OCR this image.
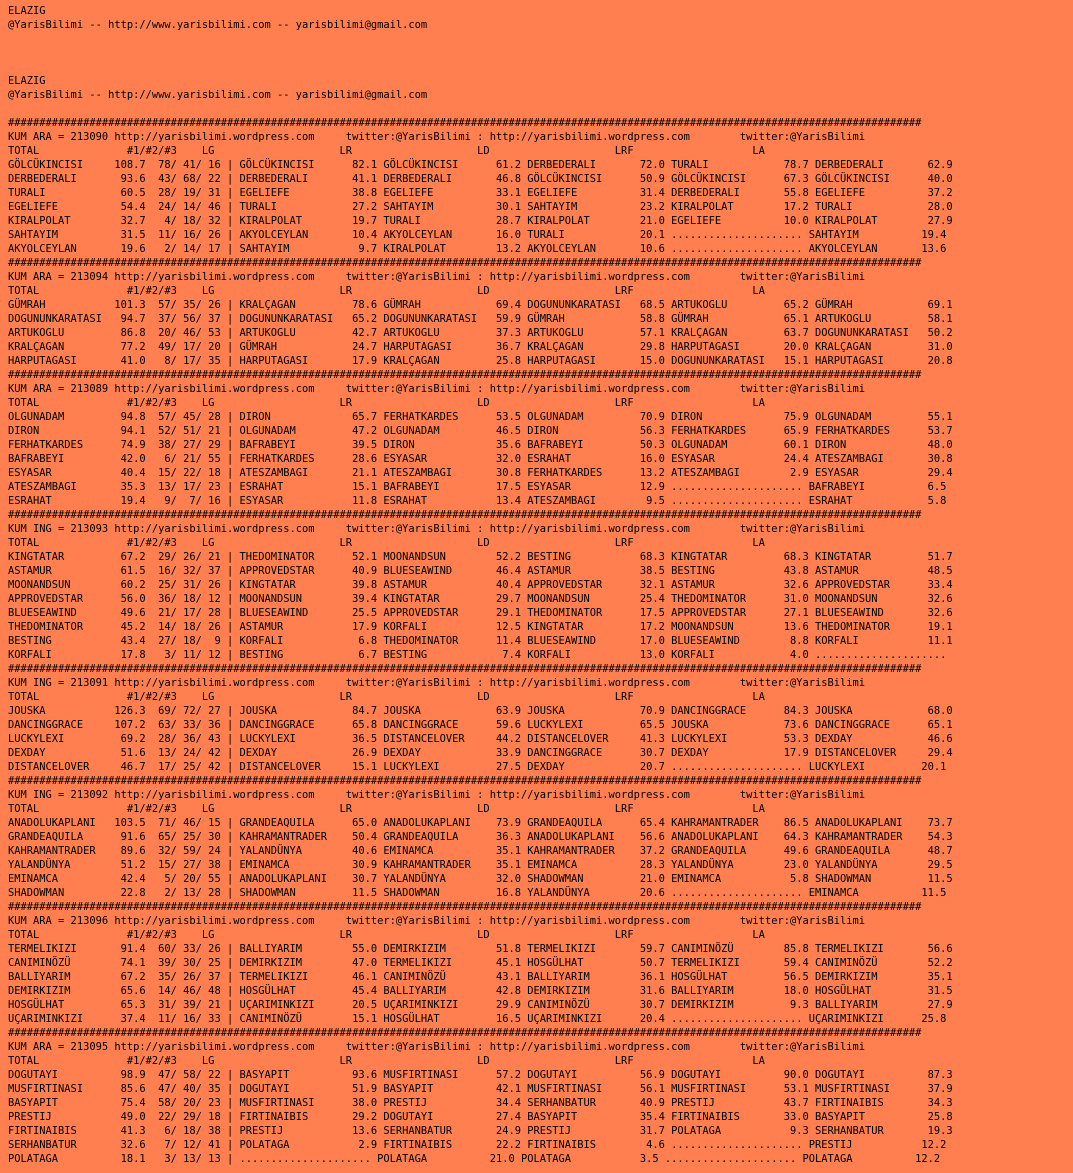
ELAZIG
@YarisBilimi -- http://www.yarisbilimi.com -- yarisbilimi@gmail.com
ELAZIG
@YarisBilimi -- http://www.yarisbilimi.com -- yarisbilimi@gmail.com
##################################################################################################################################################
KUM ARA = 213090 http://yarisbilimi.wordpress.com     twitter:@YarisBilimi : http://yarisbilimi.wordpress.com        twitter:@YarisBilimi
TOTAL              #1/#2/#3    LG                    LR                    LD                    LRF                   LA
GÖLCÜKINCISI     108.7  78/ 41/ 16 | GÖLCÜKINCISI      82.1 GÖLCÜKINCISI      61.2 DERBEDERALI       72.0 TURALI            78.7 DERBEDERALI       62.9
DERBEDERALI       93.6  43/ 68/ 22 | DERBEDERALI       41.1 DERBEDERALI       46.8 GÖLCÜKINCISI      50.9 GÖLCÜKINCISI      67.3 GÖLCÜKINCISI      40.0
TURALI            60.5  28/ 19/ 31 | EGELIEFE          38.8 EGELIEFE          33.1 EGELIEFE          31.4 DERBEDERALI       55.8 EGELIEFE          37.2
EGELIEFE          54.4  24/ 14/ 46 | TURALI            27.2 SAHTAYIM          30.1 SAHTAYIM          23.2 KIRALPOLAT        17.2 TURALI            28.0
KIRALPOLAT        32.7   4/ 18/ 32 | KIRALPOLAT        19.7 TURALI            28.7 KIRALPOLAT        21.0 EGELIEFE          10.0 KIRALPOLAT        27.9
SAHTAYIM          31.5  11/ 16/ 26 | AKYOLCEYLAN       10.4 AKYOLCEYLAN       16.0 TURALI            20.1 ..................... SAHTAYIM          19.4
AKYOLCEYLAN       19.6   2/ 14/ 17 | SAHTAYIM           9.7 KIRALPOLAT        13.2 AKYOLCEYLAN       10.6 ..................... AKYOLCEYLAN       13.6
##################################################################################################################################################
KUM ARA = 213094 http://yarisbilimi.wordpress.com     twitter:@YarisBilimi : http://yarisbilimi.wordpress.com        twitter:@YarisBilimi
TOTAL              #1/#2/#3    LG                    LR                    LD                    LRF                   LA
GÜMRAH           101.3  57/ 35/ 26 | KRALÇAGAN         78.6 GÜMRAH            69.4 DOGUNUNKARATASI   68.5 ARTUKOGLU         65.2 GÜMRAH            69.1
DOGUNUNKARATASI   94.7  37/ 56/ 37 | DOGUNUNKARATASI   65.2 DOGUNUNKARATASI   59.9 GÜMRAH            58.8 GÜMRAH            65.1 ARTUKOGLU         58.1
ARTUKOGLU         86.8  20/ 46/ 53 | ARTUKOGLU         42.7 ARTUKOGLU         37.3 ARTUKOGLU         57.1 KRALÇAGAN         63.7 DOGUNUNKARATASI   50.2
KRALÇAGAN         77.2  49/ 17/ 20 | GÜMRAH            24.7 HARPUTAGASI       36.7 KRALÇAGAN         29.8 HARPUTAGASI       20.0 KRALÇAGAN         31.0
HARPUTAGASI       41.0   8/ 17/ 35 | HARPUTAGASI       17.9 KRALÇAGAN         25.8 HARPUTAGASI       15.0 DOGUNUNKARATASI   15.1 HARPUTAGASI       20.8
##################################################################################################################################################
KUM ARA = 213089 http://yarisbilimi.wordpress.com     twitter:@YarisBilimi : http://yarisbilimi.wordpress.com        twitter:@YarisBilimi
TOTAL              #1/#2/#3    LG                    LR                    LD                    LRF                   LA
OLGUNADAM         94.8  57/ 45/ 28 | DIRON             65.7 FERHATKARDES      53.5 OLGUNADAM         70.9 DIRON             75.9 OLGUNADAM         55.1
DIRON             94.1  52/ 51/ 21 | OLGUNADAM         47.2 OLGUNADAM         46.5 DIRON             56.3 FERHATKARDES      65.9 FERHATKARDES      53.7
FERHATKARDES      74.9  38/ 27/ 29 | BAFRABEYI         39.5 DIRON             35.6 BAFRABEYI         50.3 OLGUNADAM         60.1 DIRON             48.0
BAFRABEYI         42.0   6/ 21/ 55 | FERHATKARDES      28.6 ESYASAR           32.0 ESRAHAT           16.0 ESYASAR           24.4 ATESZAMBAGI       30.8
ESYASAR           40.4  15/ 22/ 18 | ATESZAMBAGI       21.1 ATESZAMBAGI       30.8 FERHATKARDES      13.2 ATESZAMBAGI        2.9 ESYASAR           29.4
ATESZAMBAGI       35.3  13/ 17/ 23 | ESRAHAT           15.1 BAFRABEYI         17.5 ESYASAR           12.9 ..................... BAFRABEYI          6.5
ESRAHAT           19.4   9/  7/ 16 | ESYASAR           11.8 ESRAHAT           13.4 ATESZAMBAGI        9.5 ..................... ESRAHAT            5.8
##################################################################################################################################################
KUM ING = 213093 http://yarisbilimi.wordpress.com     twitter:@YarisBilimi : http://yarisbilimi.wordpress.com        twitter:@YarisBilimi
TOTAL              #1/#2/#3    LG                    LR                    LD                    LRF                   LA
KINGTATAR         67.2  29/ 26/ 21 | THEDOMINATOR      52.1 MOONANDSUN        52.2 BESTING           68.3 KINGTATAR         68.3 KINGTATAR         51.7
ASTAMUR           61.5  16/ 32/ 37 | APPROVEDSTAR      40.9 BLUESEAWIND       46.4 ASTAMUR           38.5 BESTING           43.8 ASTAMUR           48.5
MOONANDSUN        60.2  25/ 31/ 26 | KINGTATAR         39.8 ASTAMUR           40.4 APPROVEDSTAR      32.1 ASTAMUR           32.6 APPROVEDSTAR      33.4
APPROVEDSTAR      56.0  36/ 18/ 12 | MOONANDSUN        39.4 KINGTATAR         29.7 MOONANDSUN        25.4 THEDOMINATOR      31.0 MOONANDSUN        32.6
BLUESEAWIND       49.6  21/ 17/ 28 | BLUESEAWIND       25.5 APPROVEDSTAR      29.1 THEDOMINATOR      17.5 APPROVEDSTAR      27.1 BLUESEAWIND       32.6
THEDOMINATOR      45.2  14/ 18/ 26 | ASTAMUR           17.9 KORFALI           12.5 KINGTATAR         17.2 MOONANDSUN        13.6 THEDOMINATOR      19.1
BESTING           43.4  27/ 18/  9 | KORFALI            6.8 THEDOMINATOR      11.4 BLUESEAWIND       17.0 BLUESEAWIND        8.8 KORFALI           11.1
KORFALI           17.8   3/ 11/ 12 | BESTING            6.7 BESTING            7.4 KORFALI           13.0 KORFALI            4.0 .....................
##################################################################################################################################################
KUM ING = 213091 http://yarisbilimi.wordpress.com     twitter:@YarisBilimi : http://yarisbilimi.wordpress.com        twitter:@YarisBilimi
TOTAL              #1/#2/#3    LG                    LR                    LD                    LRF                   LA
JOUSKA           126.3  69/ 72/ 27 | JOUSKA            84.7 JOUSKA            63.9 JOUSKA            70.9 DANCINGGRACE      84.3 JOUSKA            68.0
DANCINGGRACE     107.2  63/ 33/ 36 | DANCINGGRACE      65.8 DANCINGGRACE      59.6 LUCKYLEXI         65.5 JOUSKA            73.6 DANCINGGRACE      65.1
LUCKYLEXI         69.2  28/ 36/ 43 | LUCKYLEXI         36.5 DISTANCELOVER     44.2 DISTANCELOVER     41.3 LUCKYLEXI         53.3 DEXDAY            46.6
DEXDAY            51.6  13/ 24/ 42 | DEXDAY            26.9 DEXDAY            33.9 DANCINGGRACE      30.7 DEXDAY            17.9 DISTANCELOVER     29.4
DISTANCELOVER     46.7  17/ 25/ 42 | DISTANCELOVER     15.1 LUCKYLEXI         27.5 DEXDAY            20.7 ..................... LUCKYLEXI         20.1
##################################################################################################################################################
KUM ING = 213092 http://yarisbilimi.wordpress.com     twitter:@YarisBilimi : http://yarisbilimi.wordpress.com        twitter:@YarisBilimi
TOTAL              #1/#2/#3    LG                    LR                    LD                    LRF                   LA
ANADOLUKAPLANI   103.5  71/ 46/ 15 | GRANDEAQUILA      65.0 ANADOLUKAPLANI    73.9 GRANDEAQUILA      65.4 KAHRAMANTRADER    86.5 ANADOLUKAPLANI    73.7
GRANDEAQUILA      91.6  65/ 25/ 30 | KAHRAMANTRADER    50.4 GRANDEAQUILA      36.3 ANADOLUKAPLANI    56.6 ANADOLUKAPLANI    64.3 KAHRAMANTRADER    54.3
KAHRAMANTRADER    89.6  32/ 59/ 24 | YALANDÜNYA        40.6 EMINAMCA          35.1 KAHRAMANTRADER    37.2 GRANDEAQUILA      49.6 GRANDEAQUILA      48.7
YALANDÜNYA        51.2  15/ 27/ 38 | EMINAMCA          30.9 KAHRAMANTRADER    35.1 EMINAMCA          28.3 YALANDÜNYA        23.0 YALANDÜNYA        29.5
EMINAMCA          42.4   5/ 20/ 55 | ANADOLUKAPLANI    30.7 YALANDÜNYA        32.0 SHADOWMAN         21.0 EMINAMCA           5.8 SHADOWMAN         11.5
SHADOWMAN         22.8   2/ 13/ 28 | SHADOWMAN         11.5 SHADOWMAN         16.8 YALANDÜNYA        20.6 ..................... EMINAMCA          11.5
##################################################################################################################################################
KUM ARA = 213096 http://yarisbilimi.wordpress.com     twitter:@YarisBilimi : http://yarisbilimi.wordpress.com        twitter:@YarisBilimi
TOTAL              #1/#2/#3    LG                    LR                    LD                    LRF                   LA
TERMELIKIZI       91.4  60/ 33/ 26 | BALLIYARIM        55.0 DEMIRKIZIM        51.8 TERMELIKIZI       59.7 CANIMINÖZÜ        85.8 TERMELIKIZI       56.6
CANIMINÖZÜ        74.1  39/ 30/ 25 | DEMIRKIZIM        47.0 TERMELIKIZI       45.1 HOSGÜLHAT         50.7 TERMELIKIZI       59.4 CANIMINÖZÜ        52.2
BALLIYARIM        67.2  35/ 26/ 37 | TERMELIKIZI       46.1 CANIMINÖZÜ        43.1 BALLIYARIM        36.1 HOSGÜLHAT         56.5 DEMIRKIZIM        35.1
DEMIRKIZIM        65.6  14/ 46/ 48 | HOSGÜLHAT         45.4 BALLIYARIM        42.8 DEMIRKIZIM        31.6 BALLIYARIM        18.0 HOSGÜLHAT         31.5
HOSGÜLHAT         65.3  31/ 39/ 21 | UÇARIMINKIZI      20.5 UÇARIMINKIZI      29.9 CANIMINÖZÜ        30.7 DEMIRKIZIM         9.3 BALLIYARIM        27.9
UÇARIMINKIZI      37.4  11/ 16/ 33 | CANIMINÖZÜ        15.1 HOSGÜLHAT         16.5 UÇARIMINKIZI      20.4 ..................... UÇARIMINKIZI      25.8
##################################################################################################################################################
KUM ARA = 213095 http://yarisbilimi.wordpress.com     twitter:@YarisBilimi : http://yarisbilimi.wordpress.com        twitter:@YarisBilimi
TOTAL              #1/#2/#3    LG                    LR                    LD                    LRF                   LA
DOGUTAYI          98.9  47/ 58/ 22 | BASYAPIT          93.6 MUSFIRTINASI      57.2 DOGUTAYI          56.9 DOGUTAYI          90.0 DOGUTAYI          87.3
MUSFIRTINASI      85.6  47/ 40/ 35 | DOGUTAYI          51.9 BASYAPIT          42.1 MUSFIRTINASI      56.1 MUSFIRTINASI      53.1 MUSFIRTINASI      37.9
BASYAPIT          75.4  58/ 20/ 23 | MUSFIRTINASI      38.0 PRESTIJ           34.4 SERHANBATUR       40.9 PRESTIJ           43.7 FIRTINAIBIS       34.3
PRESTIJ           49.0  22/ 29/ 18 | FIRTINAIBIS       29.2 DOGUTAYI          27.4 BASYAPIT          35.4 FIRTINAIBIS       33.0 BASYAPIT          25.8
FIRTINAIBIS       41.3   6/ 18/ 38 | PRESTIJ           13.6 SERHANBATUR       24.9 PRESTIJ           31.7 POLATAGA           9.3 SERHANBATUR       19.3
SERHANBATUR       32.6   7/ 12/ 41 | POLATAGA           2.9 FIRTINAIBIS       22.2 FIRTINAIBIS        4.6 ..................... PRESTIJ           12.2
POLATAGA          18.1   3/ 13/ 13 | ..................... POLATAGA          21.0 POLATAGA           3.5 ..................... POLATAGA          12.2
